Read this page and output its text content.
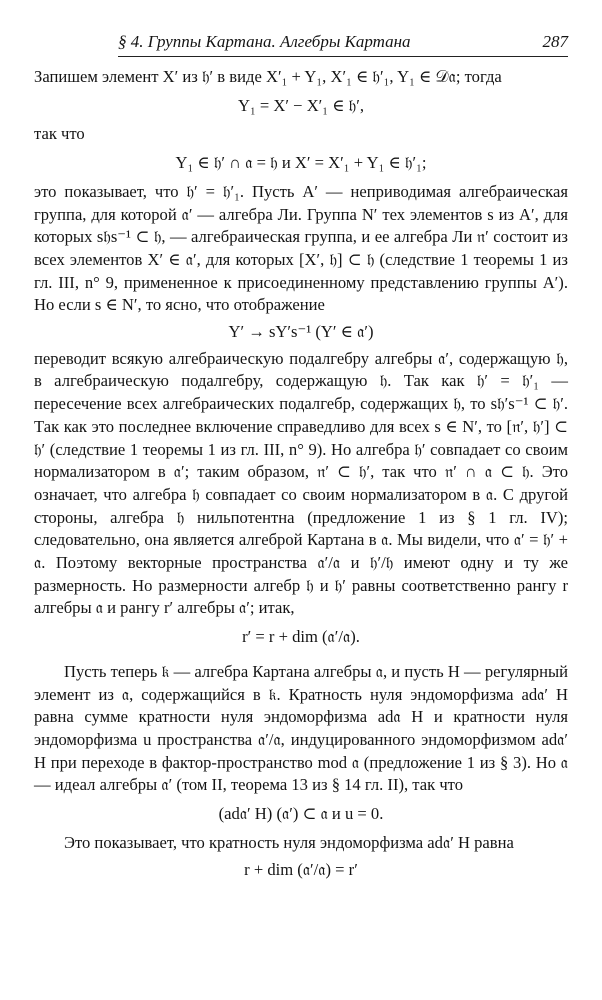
§ 4. Группы Картана. Алгебры Картана	287

Запишем элемент X′ из 𝔥′ в виде X′₁ + Y₁, X′₁ ∈ 𝔥′₁, Y₁ ∈ 𝒟𝔞; тогда

Y₁ = X′ − X′₁ ∈ 𝔥′,

так что

Y₁ ∈ 𝔥′ ∩ 𝔞 = 𝔥 и X′ = X′₁ + Y₁ ∈ 𝔥′₁;

это показывает, что 𝔥′ = 𝔥′₁. Пусть A′ — неприводимая алгебраическая группа, для которой 𝔞′ — алгебра Ли. Группа N′ тех элементов s из A′, для которых s𝔥s⁻¹ ⊂ 𝔥, — алгебраическая группа, и ее алгебра Ли 𝔫′ состоит из всех элементов X′ ∈ 𝔞′, для которых [X′, 𝔥] ⊂ 𝔥 (следствие 1 теоремы 1 из гл. III, n° 9, примененное к присоединенному представлению группы A′). Но если s ∈ N′, то ясно, что отображение

Y′ → sY′s⁻¹ (Y′ ∈ 𝔞′)

переводит всякую алгебраическую подалгебру алгебры 𝔞′, содержащую 𝔥, в алгебраическую подалгебру, содержащую 𝔥. Так как 𝔥′ = 𝔥′₁ — пересечение всех алгебраических подалгебр, содержащих 𝔥, то s𝔥′s⁻¹ ⊂ 𝔥′. Так как это последнее включение справедливо для всех s ∈ N′, то [𝔫′, 𝔥′] ⊂ 𝔥′ (следствие 1 теоремы 1 из гл. III, n° 9). Но алгебра 𝔥′ совпадает со своим нормализатором в 𝔞′; таким образом, 𝔫′ ⊂ 𝔥′, так что 𝔫′ ∩ 𝔞 ⊂ 𝔥. Это означает, что алгебра 𝔥 совпадает со своим нормализатором в 𝔞. С другой стороны, алгебра 𝔥 нильпотентна (предложение 1 из § 1 гл. IV); следовательно, она является алгеброй Картана в 𝔞. Мы видели, что 𝔞′ = 𝔥′ + 𝔞. Поэтому векторные пространства 𝔞′/𝔞 и 𝔥′/𝔥 имеют одну и ту же размерность. Но размерности алгебр 𝔥 и 𝔥′ равны соответственно рангу r алгебры 𝔞 и рангу r′ алгебры 𝔞′; итак,

r′ = r + dim (𝔞′/𝔞).

Пусть теперь 𝔨 — алгебра Картана алгебры 𝔞, и пусть H — регулярный элемент из 𝔞, содержащийся в 𝔨. Кратность нуля эндоморфизма ad𝔞′ H равна сумме кратности нуля эндоморфизма ad𝔞 H и кратности нуля эндоморфизма u пространства 𝔞′/𝔞, индуцированного эндоморфизмом ad𝔞′ H при переходе в фактор-пространство mod 𝔞 (предложение 1 из § 3). Но 𝔞 — идеал алгебры 𝔞′ (том II, теорема 13 из § 14 гл. II), так что

(ad𝔞′ H) (𝔞′) ⊂ 𝔞 и u = 0.

Это показывает, что кратность нуля эндоморфизма ad𝔞′ H равна

r + dim (𝔞′/𝔞) = r′
